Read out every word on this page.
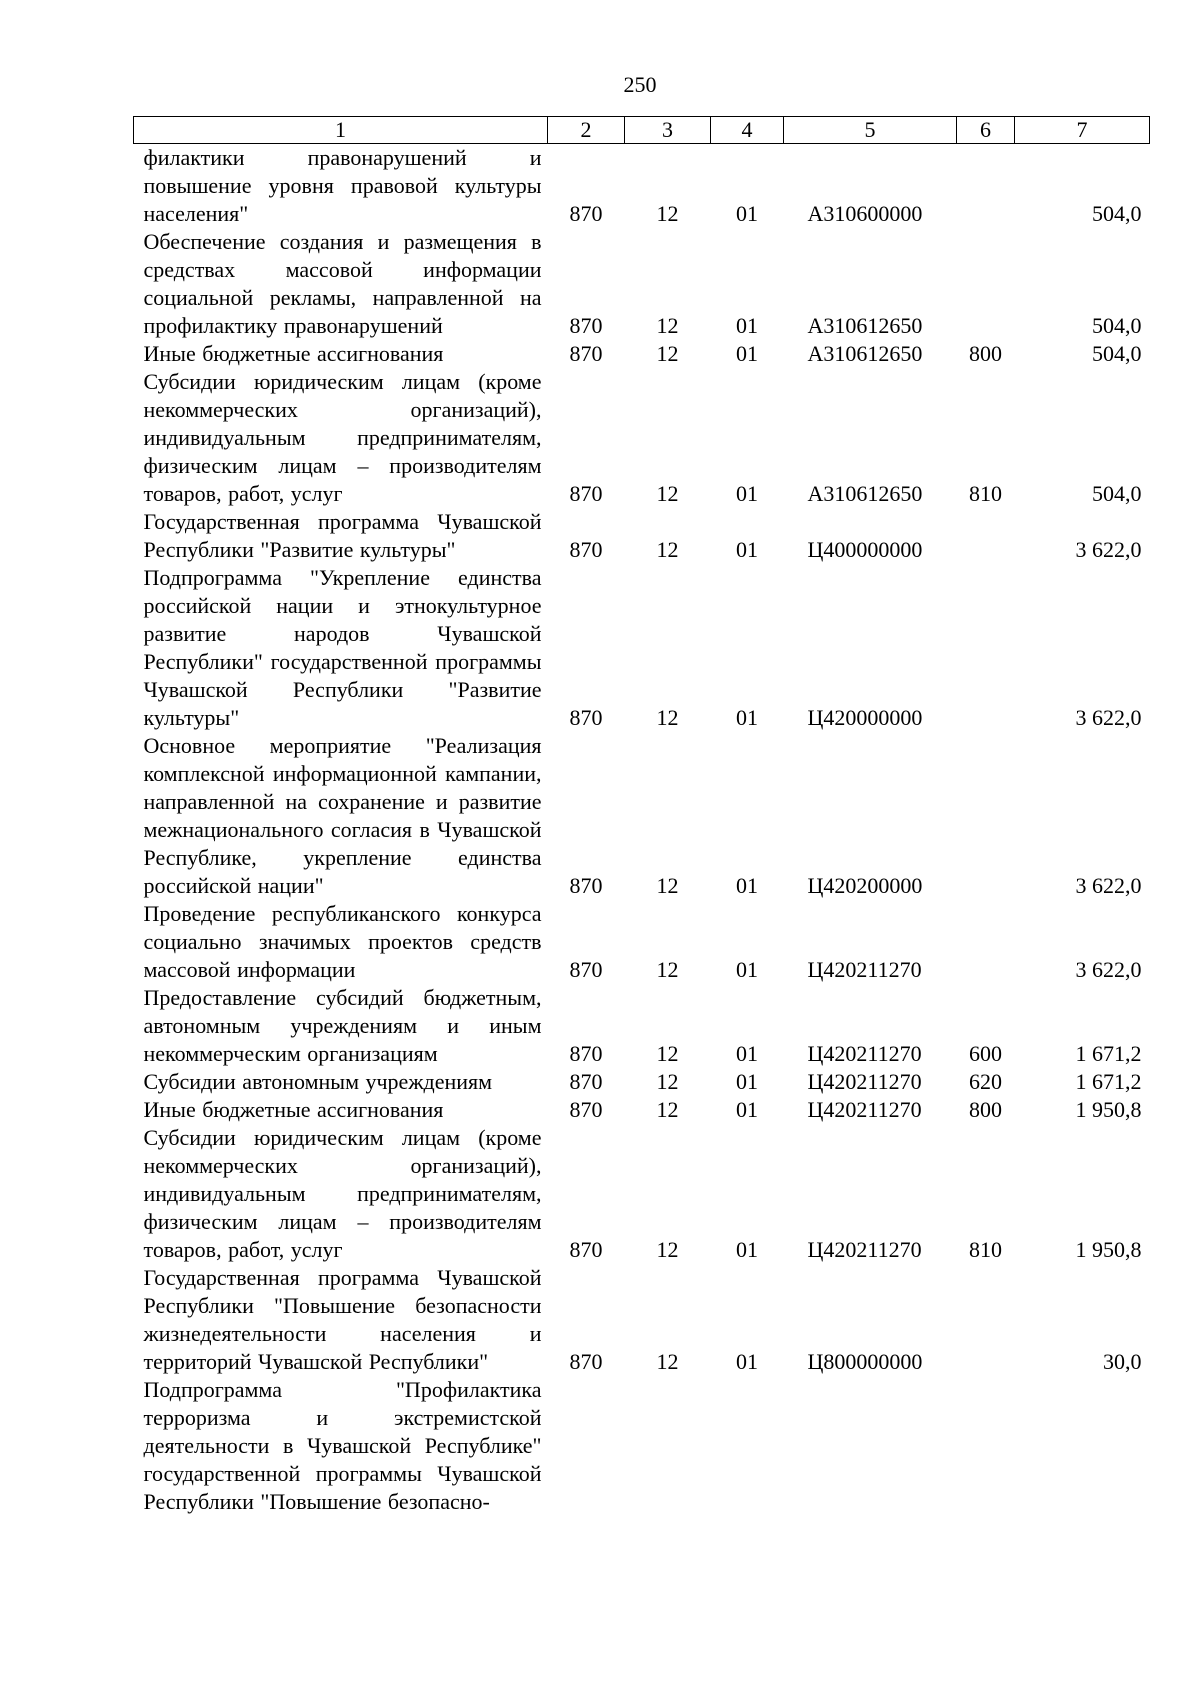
250
1	2	3	4	5	6	7
филактики правонарушений и повышение уровня правовой культуры населения"	870	12	01	А310600000		504,0
Обеспечение создания и размещения в средствах массовой информации социальной рекламы, направленной на профилактику правонарушений	870	12	01	А310612650		504,0
Иные бюджетные ассигнования	870	12	01	А310612650	800	504,0
Субсидии юридическим лицам (кроме некоммерческих организаций), индивидуальным предпринимателям, физическим лицам – производителям товаров, работ, услуг	870	12	01	А310612650	810	504,0
Государственная программа Чувашской Республики "Развитие культуры"	870	12	01	Ц400000000		3 622,0
Подпрограмма "Укрепление единства российской нации и этнокультурное развитие народов Чувашской Республики" государственной программы Чувашской Республики "Развитие культуры"	870	12	01	Ц420000000		3 622,0
Основное мероприятие "Реализация комплексной информационной кампании, направленной на сохранение и развитие межнационального согласия в Чувашской Республике, укрепление единства российской нации"	870	12	01	Ц420200000		3 622,0
Проведение республиканского конкурса социально значимых проектов средств массовой информации	870	12	01	Ц420211270		3 622,0
Предоставление субсидий бюджетным, автономным учреждениям и иным некоммерческим организациям	870	12	01	Ц420211270	600	1 671,2
Субсидии автономным учреждениям	870	12	01	Ц420211270	620	1 671,2
Иные бюджетные ассигнования	870	12	01	Ц420211270	800	1 950,8
Субсидии юридическим лицам (кроме некоммерческих организаций), индивидуальным предпринимателям, физическим лицам – производителям товаров, работ, услуг	870	12	01	Ц420211270	810	1 950,8
Государственная программа Чувашской Республики "Повышение безопасности жизнедеятельности населения и территорий Чувашской Республики"	870	12	01	Ц800000000		30,0
Подпрограмма "Профилактика терроризма и экстремистской деятельности в Чувашской Республике" государственной программы Чувашской Республики "Повышение безопасно-						
